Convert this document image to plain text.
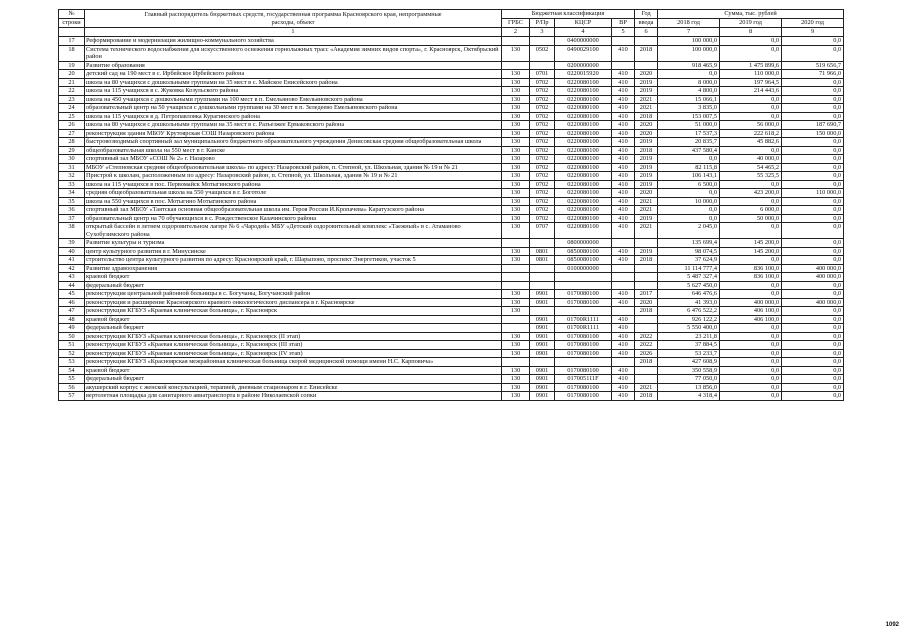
№	Главный распорядитель бюджетных средств, государственная программа Красноярского края, непрограммные
расходы, объект	Бюджетная классификация				Год	Сумма, тыс. рублей		
строки		ГРБС	Р/Пр	КЦСР	ВР	ввода	2018 год	2019 год	2020 год
	1	2	3	4	5	6	7	8	9
17	Реформирование и модернизация жилищно-коммунального хозяйства			0400000000			100 000,0	0,0	0,0
18	Система технического водоснабжения для искусственного оснежения горнолыжных трасс «Академия зимних видов спорта», г. Красноярск, Октябрьский район	130	0502	0490029100	410	2018	100 000,0	0,0	0,0
19	Развитие образования			0200000000			918 465,9	1 475 899,6	519 656,7
20	детский сад на 190 мест в с. Ирбейское Ирбейского района	130	0701	0220015920	410	2020	0,0	110 000,0	71 966,0
21	школа на 80 учащихся с дошкольными группами на 35 мест в с. Майское Енисейского района	130	0702	0220080100	410	2019	8 000,0	197 964,5	0,0
22	школа на 115 учащихся в с. Жуковка Козульского района	130	0702	0220080100	410	2019	4 800,0	214 443,6	0,0
23	школа на 450 учащихся с дошкольными группами на 100 мест в п. Емельяново Емельяновского района	130	0702	0220080100	410	2021	15 066,1	0,0	0,0
24	образовательный центр на 50 учащихся с дошкольными группами на 30 мест в п. Зеледеево Емельяновского района	130	0702	0220080100	410	2021	3 835,0	0,0	0,0
25	школа на 115 учащихся в д. Петропавловка Курагинского района	130	0702	0220080100	410	2018	153 007,5	0,0	0,0
26	школа на 80 учащихся с дошкольными группами на 35 мест в с. Разъезжее Ермаковского района	130	0702	0220080100	410	2020	51 000,0	56 000,0	187 690,7
27	реконструкция здания МБОУ Крутоярская СОШ Назаровского района	130	0702	0220080100	410	2020	17 537,3	222 618,2	150 000,0
28	быстровозводимый спортивный зал муниципального бюджетного образовательного учреждения Денисовская средняя общеобразовательная школа	130	0702	0220080100	410	2019	20 835,7	45 882,6	0,0
29	общеобразовательная школа на 550 мест в г. Канске	130	0702	0220080100	410	2018	437 580,4	0,0	0,0
30	спортивный зал МБОУ «СОШ № 2» г. Назарово	130	0702	0220080100	410	2019	0,0	40 000,0	0,0
31	МБОУ «Степновская средняя общеобразовательная школа» по адресу: Назаровский район, п. Степной, ул. Школьная, здания № 19 и № 21	130	0702	0220080100	410	2019	82 115,8	54 465,2	0,0
32	Пристрой к школам, расположенным по адресу: Назаровский район, п. Степной, ул. Школьная, здания № 19 и № 21	130	0702	0220080100	410	2019	106 143,1	55 325,5	0,0
33	школа на 115 учащихся в пос. Первомайск Мотыгинского района	130	0702	0220080100	410	2019	6 500,0	0,0	0,0
34	средняя общеобразовательная школа на 550 учащихся в г. Боготоле	130	0702	0220080100	410	2020	0,0	423 200,0	110 000,0
35	школа на 550 учащихся в пос. Мотыгино Мотыгинского района	130	0702	0220080100	410	2021	10 000,0	0,0	0,0
36	спортивный зал МБОУ «Таятская основная общеобразовательная школа им. Героя России И.Кропачева» Каратузского района	130	0702	0220080100	410	2021	0,0	6 000,0	0,0
37	образовательный центр на 70 обучающихся в с. Рождественское Казачинского района	130	0702	0220080100	410	2019	0,0	50 000,0	0,0
38	открытый бассейн в летнем оздоровительном лагере № 6 «Чародей» МБУ «Детский оздоровительный комплекс «Таежный» в с. Атаманово Сухобузимского района	130	0707	0220080100	410	2021	2 045,0	0,0	0,0
39	Развитие культуры и туризма			0800000000			135 699,4	145 200,0	0,0
40	центр культурного развития в г. Минусинске	130	0801	0850080100	410	2019	98 074,5	145 200,0	0,0
41	строительство центра культурного развития по адресу: Красноярский край, г. Шарыпово, проспект Энергетиков, участок 5	130	0801	0850080100	410	2018	37 624,9	0,0	0,0
42	Развитие здравоохранения			0100000000			11 114 777,4	836 100,0	400 000,0
43	краевой бюджет						5 487 327,4	836 100,0	400 000,0
44	федеральный бюджет						5 627 450,0	0,0	0,0
45	реконструкция центральной районной больницы в с. Богучаны, Богучанский район	130	0901	0170080100	410	2017	646 476,6	0,0	0,0
46	реконструкция и расширение Красноярского краевого онкологического диспансера в г. Красноярске	130	0901	0170080100	410	2020	41 393,0	400 000,0	400 000,0
47	реконструкция КГБУЗ «Краевая клиническая больница», г. Красноярск	130				2018	6 476 522,2	406 100,0	0,0
48	краевой бюджет		0901	01700R1111	410		926 122,2	406 100,0	0,0
49	федеральный бюджет		0901	01700R1111	410		5 550 400,0	0,0	0,0
50	реконструкция КГБУЗ «Краевая клиническая больница», г. Красноярск (II этап)	130	0901	0170080100	410	2022	23 211,8	0,0	0,0
51	реконструкция КГБУЗ «Краевая клиническая больница», г. Красноярск (III этап)	130	0901	0170080100	410	2022	37 884,5	0,0	0,0
52	реконструкция КГБУЗ «Краевая клиническая больница», г. Красноярск (IV этап)	130	0901	0170080100	410	2026	53 233,7	0,0	0,0
53	реконструкция КГБУЗ «Красноярская межрайонная клиническая больница скорой медицинской помощи имени Н.С. Карповича»					2018	427 608,9	0,0	0,0
54	краевой бюджет	130	0901	0170080100	410		350 558,9	0,0	0,0
55	федеральный бюджет	130	0901	017005111F	410		77 050,0	0,0	0,0
56	акушерский корпус с женской консультацией, терапией, дневным стационаром в г. Енисейске	130	0901	0170080100	410	2021	13 856,0	0,0	0,0
57	вертолетная площадка для санитарного авиатранспорта в районе Николаевской сопки	130	0901	0170080100	410	2018	4 318,4	0,0	0,0
1092
